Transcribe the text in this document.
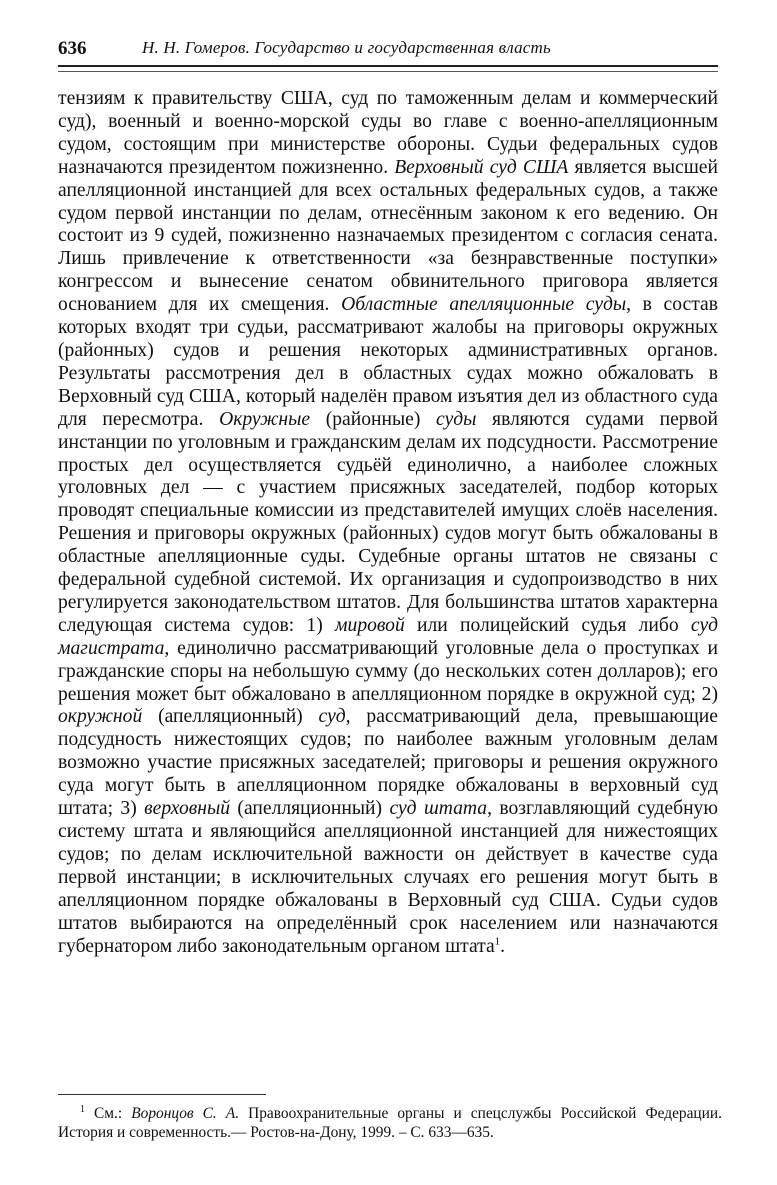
636	Н. Н. Гомеров. Государство и государственная власть

тензиям к правительству США, суд по таможенным делам и коммерческий суд), военный и военно-морской суды во главе с военно-апелляционным судом, состоящим при министерстве обороны. Судьи федеральных судов назначаются президентом пожизненно. Верховный суд США является высшей апелляционной инстанцией для всех остальных федеральных судов, а также судом первой инстанции по делам, отнесённым законом к его ведению. Он состоит из 9 судей, пожизненно назначаемых президентом с согласия сената. Лишь привлечение к ответственности «за безнравственные поступки» конгрессом и вынесение сенатом обвинительного приговора является основанием для их смещения. Областные апелляционные суды, в состав которых входят три судьи, рассматривают жалобы на приговоры окружных (районных) судов и решения некоторых административных органов. Результаты рассмотрения дел в областных судах можно обжаловать в Верховный суд США, который наделён правом изъятия дел из областного суда для пересмотра. Окружные (районные) суды являются судами первой инстанции по уголовным и гражданским делам их подсудности. Рассмотрение простых дел осуществляется судьёй единолично, а наиболее сложных уголовных дел — с участием присяжных заседателей, подбор которых проводят специальные комиссии из представителей имущих слоёв населения. Решения и приговоры окружных (районных) судов могут быть обжалованы в областные апелляционные суды. Судебные органы штатов не связаны с федеральной судебной системой. Их организация и судопроизводство в них регулируется законодательством штатов. Для большинства штатов характерна следующая система судов: 1) мировой или полицейский судья либо суд магистрата, единолично рассматривающий уголовные дела о проступках и гражданские споры на небольшую сумму (до нескольких сотен долларов); его решения может быт обжаловано в апелляционном порядке в окружной суд; 2) окружной (апелляционный) суд, рассматривающий дела, превышающие подсудность нижестоящих судов; по наиболее важным уголовным делам возможно участие присяжных заседателей; приговоры и решения окружного суда могут быть в апелляционном порядке обжалованы в верховный суд штата; 3) верховный (апелляционный) суд штата, возглавляющий судебную систему штата и являющийся апелляционной инстанцией для нижестоящих судов; по делам исключительной важности он действует в качестве суда первой инстанции; в исключительных случаях его решения могут быть в апелляционном порядке обжалованы в Верховный суд США. Судьи судов штатов выбираются на определённый срок населением или назначаются губернатором либо законодательным органом штата$^1$.

$^1$ См.: Воронцов С. А. Правоохранительные органы и спецслужбы Российской Федерации. История и современность.— Ростов-на-Дону, 1999. – С. 633—635.
